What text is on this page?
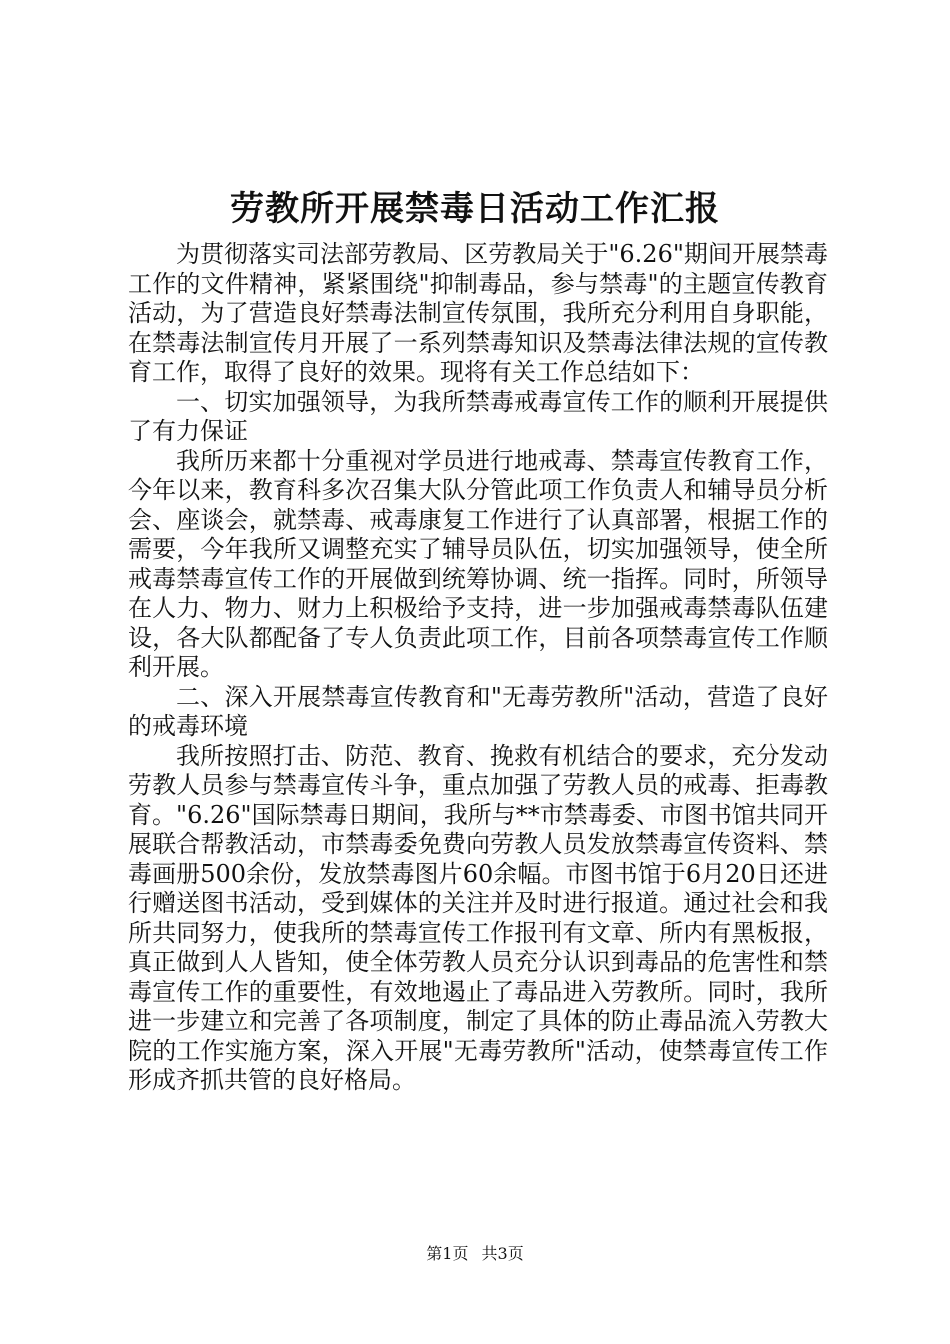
劳教所开展禁毒日活动工作汇报

为贯彻落实司法部劳教局、区劳教局关于"6.26"期间开展禁毒工作的文件精神，紧紧围绕"抑制毒品，参与禁毒"的主题宣传教育活动，为了营造良好禁毒法制宣传氛围，我所充分利用自身职能，在禁毒法制宣传月开展了一系列禁毒知识及禁毒法律法规的宣传教育工作，取得了良好的效果。现将有关工作总结如下：

一、切实加强领导，为我所禁毒戒毒宣传工作的顺利开展提供了有力保证

我所历来都十分重视对学员进行地戒毒、禁毒宣传教育工作，今年以来，教育科多次召集大队分管此项工作负责人和辅导员分析会、座谈会，就禁毒、戒毒康复工作进行了认真部署，根据工作的需要，今年我所又调整充实了辅导员队伍，切实加强领导，使全所戒毒禁毒宣传工作的开展做到统筹协调、统一指挥。同时，所领导在人力、物力、财力上积极给予支持，进一步加强戒毒禁毒队伍建设，各大队都配备了专人负责此项工作，目前各项禁毒宣传工作顺利开展。

二、深入开展禁毒宣传教育和"无毒劳教所"活动，营造了良好的戒毒环境

我所按照打击、防范、教育、挽救有机结合的要求，充分发动劳教人员参与禁毒宣传斗争，重点加强了劳教人员的戒毒、拒毒教育。"6.26"国际禁毒日期间，我所与**市禁毒委、市图书馆共同开展联合帮教活动，市禁毒委免费向劳教人员发放禁毒宣传资料、禁毒画册500余份，发放禁毒图片60余幅。市图书馆于6月20日还进行赠送图书活动，受到媒体的关注并及时进行报道。通过社会和我所共同努力，使我所的禁毒宣传工作报刊有文章、所内有黑板报，真正做到人人皆知，使全体劳教人员充分认识到毒品的危害性和禁毒宣传工作的重要性，有效地遏止了毒品进入劳教所。同时，我所进一步建立和完善了各项制度，制定了具体的防止毒品流入劳教大院的工作实施方案，深入开展"无毒劳教所"活动，使禁毒宣传工作形成齐抓共管的良好格局。

第1页 共3页
